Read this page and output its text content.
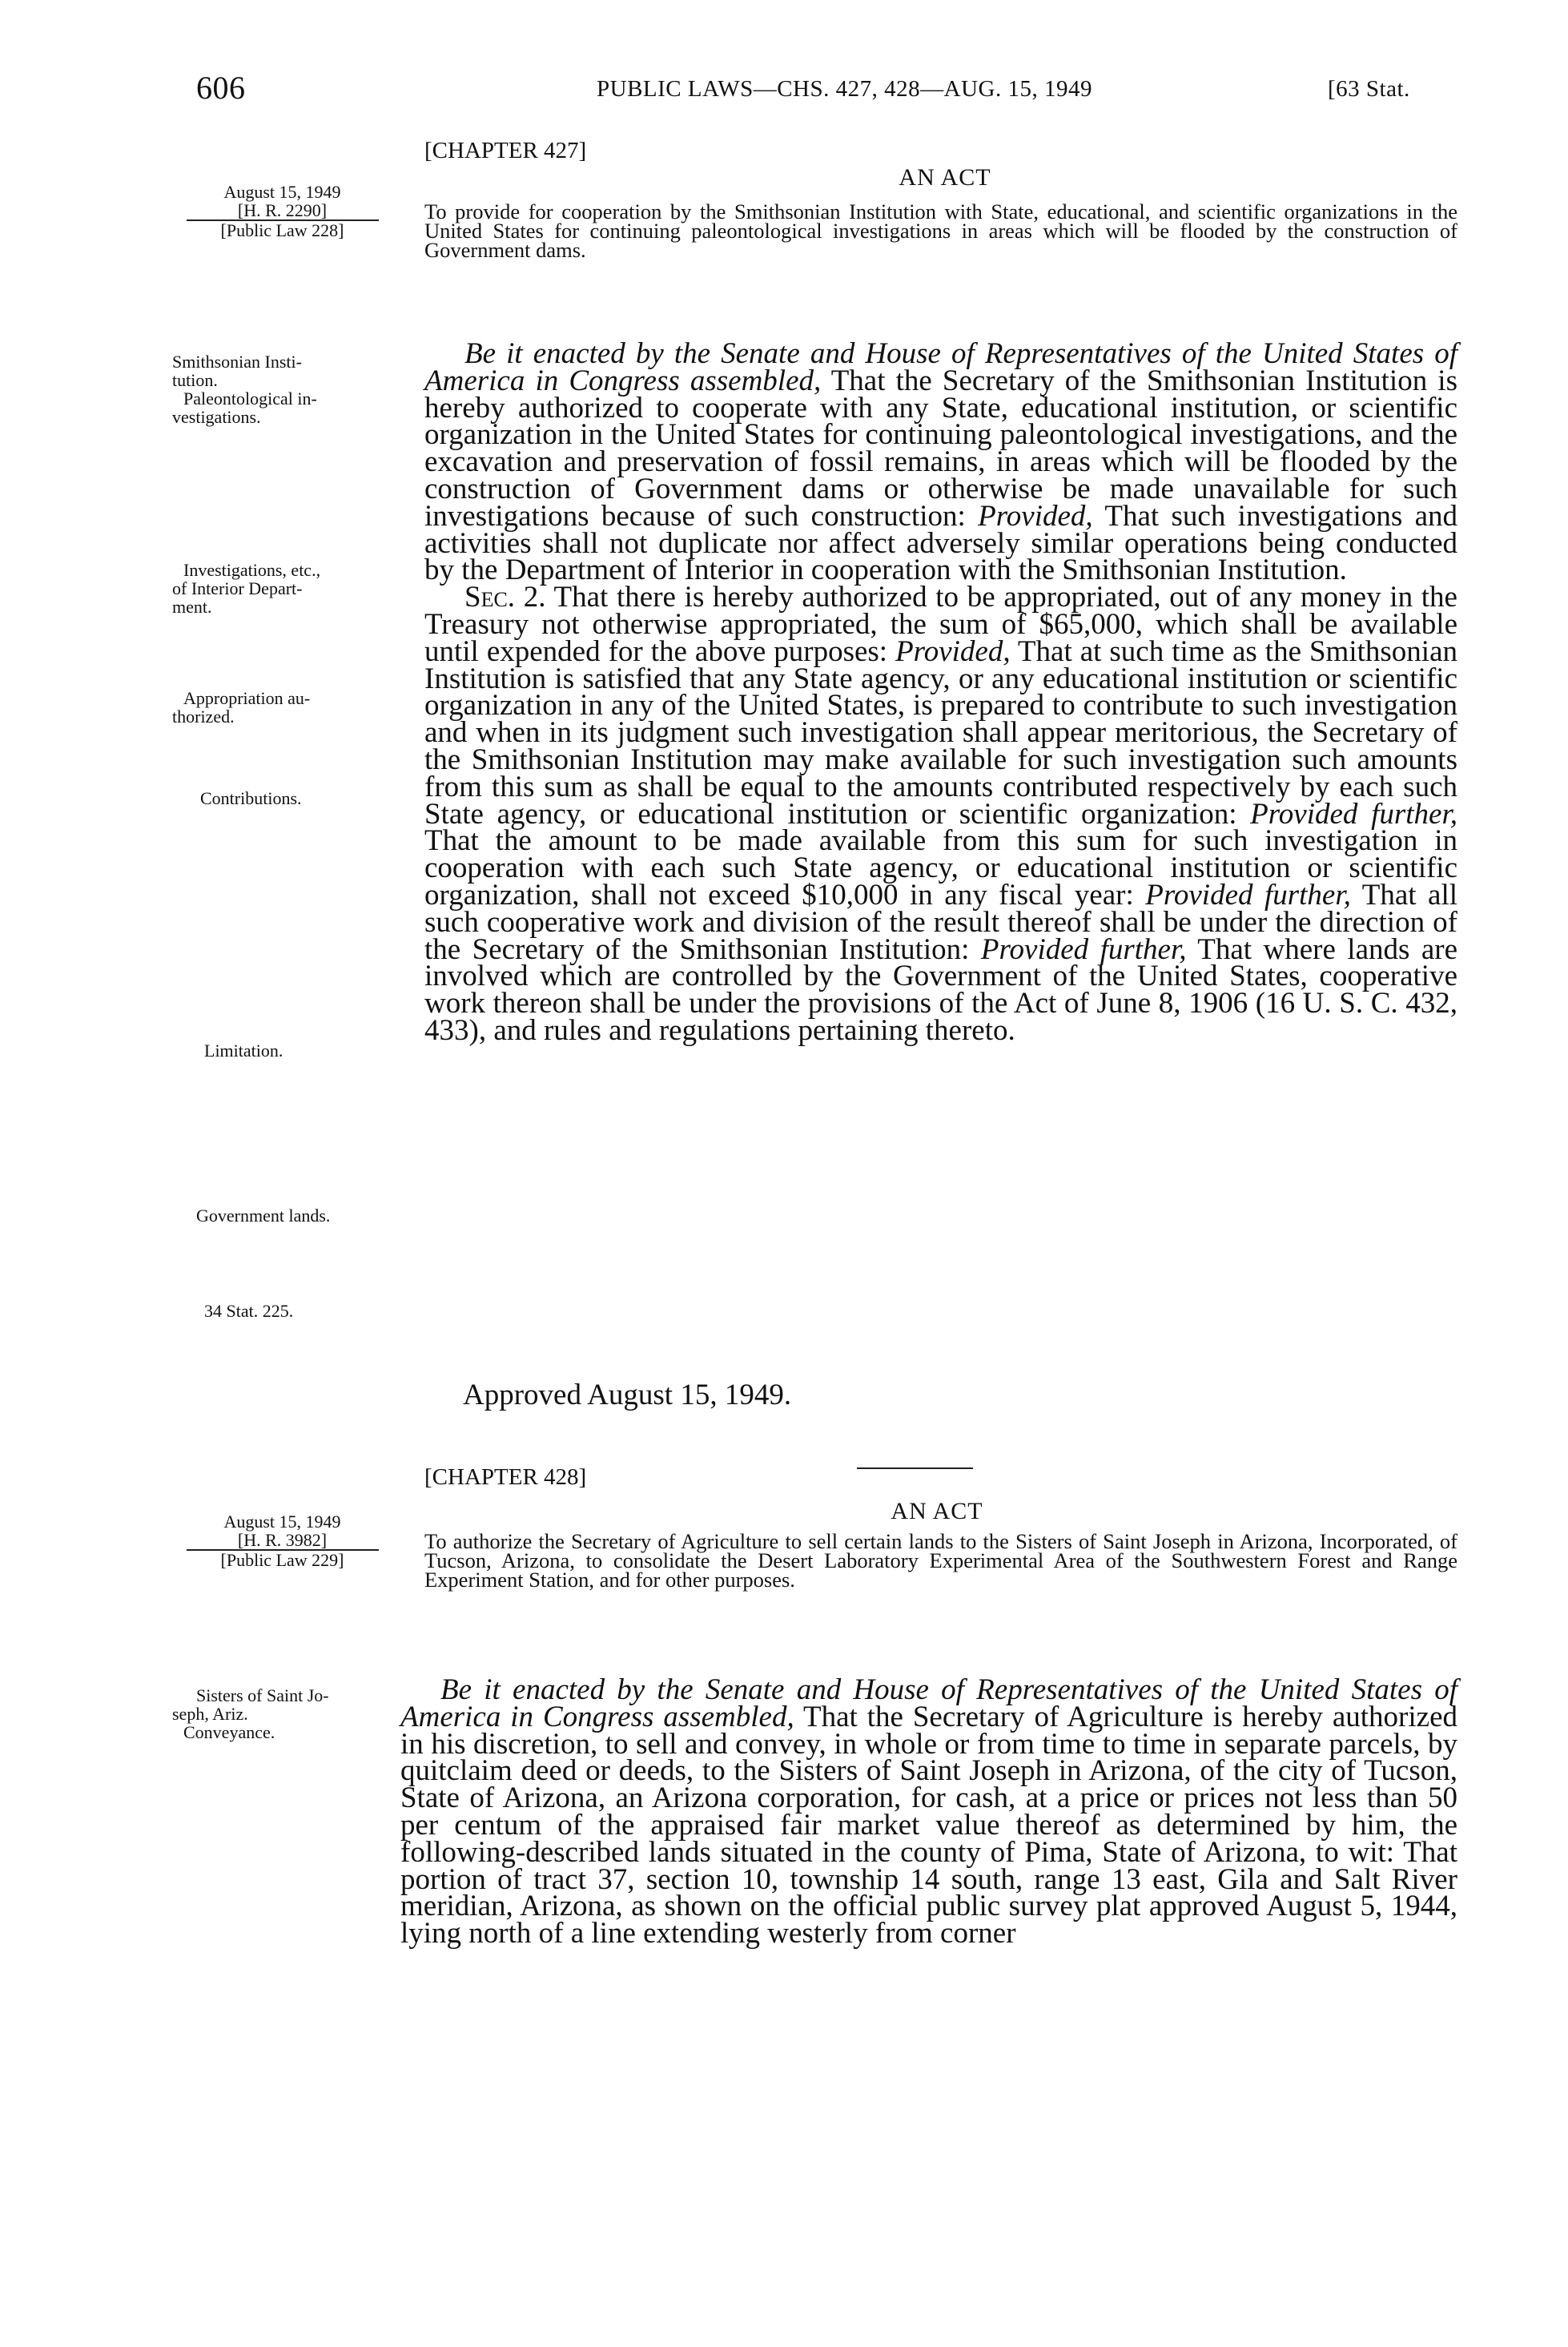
606	PUBLIC LAWS—CHS. 427, 428—AUG. 15, 1949	[63 Stat.
August 15, 1949
[H. R. 2290]
[Public Law 228]
[CHAPTER 427]
AN ACT
To provide for cooperation by the Smithsonian Institution with State, educational, and scientific organizations in the United States for continuing paleontological investigations in areas which will be flooded by the construction of Government dams.
Smithsonian Insti-
tution.
Paleontological in-
vestigations.
Investigations, etc.,
of Interior Depart-
ment.
Appropriation au-
thorized.
Contributions.
Limitation.
Government lands.
34 Stat. 225.

Be it enacted by the Senate and House of Representatives of the United States of America in Congress assembled, That the Secretary of the Smithsonian Institution is hereby authorized to cooperate with any State, educational institution, or scientific organization in the United States for continuing paleontological investigations, and the excavation and preservation of fossil remains, in areas which will be flooded by the construction of Government dams or otherwise be made unavailable for such investigations because of such construction: Provided, That such investigations and activities shall not duplicate nor affect adversely similar operations being conducted by the Department of Interior in cooperation with the Smithsonian Institution.

Sec. 2. That there is hereby authorized to be appropriated, out of any money in the Treasury not otherwise appropriated, the sum of $65,000, which shall be available until expended for the above purposes: Provided, That at such time as the Smithsonian Institution is satisfied that any State agency, or any educational institution or scientific organization in any of the United States, is prepared to contribute to such investigation and when in its judgment such investigation shall appear meritorious, the Secretary of the Smithsonian Institution may make available for such investigation such amounts from this sum as shall be equal to the amounts contributed respectively by each such State agency, or educational institution or scientific organization: Provided further, That the amount to be made available from this sum for such investigation in cooperation with each such State agency, or educational institution or scientific organization, shall not exceed $10,000 in any fiscal year: Provided further, That all such cooperative work and division of the result thereof shall be under the direction of the Secretary of the Smithsonian Institution: Provided further, That where lands are involved which are controlled by the Government of the United States, cooperative work thereon shall be under the provisions of the Act of June 8, 1906 (16 U. S. C. 432, 433), and rules and regulations pertaining thereto.

Approved August 15, 1949.
August 15, 1949
[H. R. 3982]
[Public Law 229]
[CHAPTER 428]
AN ACT
To authorize the Secretary of Agriculture to sell certain lands to the Sisters of Saint Joseph in Arizona, Incorporated, of Tucson, Arizona, to consolidate the Desert Laboratory Experimental Area of the Southwestern Forest and Range Experiment Station, and for other purposes.
Sisters of Saint Jo-
seph, Ariz.
Conveyance.

Be it enacted by the Senate and House of Representatives of the United States of America in Congress assembled, That the Secretary of Agriculture is hereby authorized in his discretion, to sell and convey, in whole or from time to time in separate parcels, by quitclaim deed or deeds, to the Sisters of Saint Joseph in Arizona, of the city of Tucson, State of Arizona, an Arizona corporation, for cash, at a price or prices not less than 50 per centum of the appraised fair market value thereof as determined by him, the following-described lands situated in the county of Pima, State of Arizona, to wit: That portion of tract 37, section 10, township 14 south, range 13 east, Gila and Salt River meridian, Arizona, as shown on the official public survey plat approved August 5, 1944, lying north of a line extending westerly from corner
